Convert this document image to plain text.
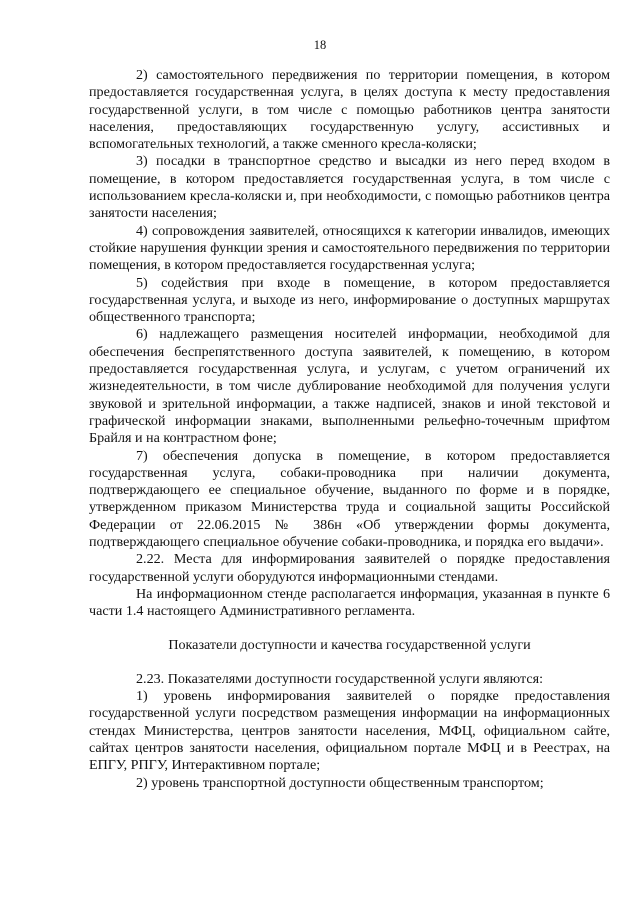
18

2) самостоятельного передвижения по территории помещения, в котором предоставляется государственная услуга, в целях доступа к месту предоставления государственной услуги, в том числе с помощью работников центра занятости населения, предоставляющих государственную услугу, ассистивных и вспомогательных технологий, а также сменного кресла-коляски;

3) посадки в транспортное средство и высадки из него перед входом в помещение, в котором предоставляется государственная услуга, в том числе с использованием кресла-коляски и, при необходимости, с помощью работников центра занятости населения;

4) сопровождения заявителей, относящихся к категории инвалидов, имеющих стойкие нарушения функции зрения и самостоятельного передвижения по территории помещения, в котором предоставляется государственная услуга;

5) содействия при входе в помещение, в котором предоставляется государственная услуга, и выходе из него, информирование о доступных маршрутах общественного транспорта;

6) надлежащего размещения носителей информации, необходимой для обеспечения беспрепятственного доступа заявителей, к помещению, в котором предоставляется государственная услуга, и услугам, с учетом ограничений их жизнедеятельности, в том числе дублирование необходимой для получения услуги звуковой и зрительной информации, а также надписей, знаков и иной текстовой и графической информации знаками, выполненными рельефно-точечным шрифтом Брайля и на контрастном фоне;

7) обеспечения допуска в помещение, в котором предоставляется государственная услуга, собаки-проводника при наличии документа, подтверждающего ее специальное обучение, выданного по форме и в порядке, утвержденном приказом Министерства труда и социальной защиты Российской Федерации от 22.06.2015 № 386н «Об утверждении формы документа, подтверждающего специальное обучение собаки-проводника, и порядка его выдачи».

2.22. Места для информирования заявителей о порядке предоставления государственной услуги оборудуются информационными стендами.

На информационном стенде располагается информация, указанная в пункте 6 части 1.4 настоящего Административного регламента.

Показатели доступности и качества государственной услуги

2.23. Показателями доступности государственной услуги являются:

1) уровень информирования заявителей о порядке предоставления государственной услуги посредством размещения информации на информационных стендах Министерства, центров занятости населения, МФЦ, официальном сайте, сайтах центров занятости населения, официальном портале МФЦ и в Реестрах, на ЕПГУ, РПГУ, Интерактивном портале;

2) уровень транспортной доступности общественным транспортом;
